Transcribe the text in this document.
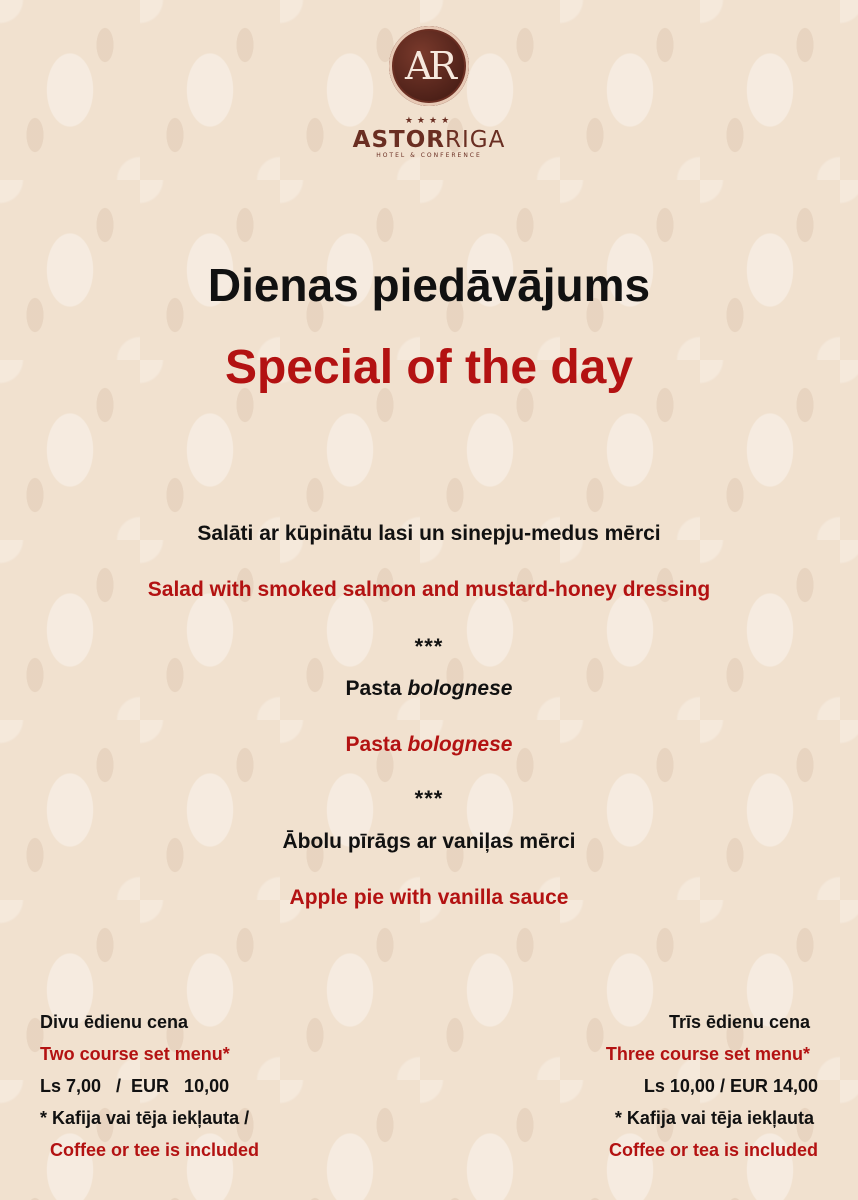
AR
★★★★
ASTORRIGA
HOTEL & CONFERENCE
Dienas piedāvājums
Special of the day
Salāti ar kūpinātu lasi un sinepju-medus mērci
Salad with smoked salmon and mustard-honey dressing
***
Pasta bolognese
Pasta bolognese
***
Ābolu pīrāgs ar vaniļas mērci
Apple pie with vanilla sauce
Divu ēdienu cena
Two course set menu*
Ls 7,00   /  EUR   10,00
* Kafija vai tēja iekļauta /
Coffee or tee is included
Trīs ēdienu cena
Three course set menu*
Ls 10,00 / EUR 14,00
* Kafija vai tēja iekļauta
Coffee or tea is included
